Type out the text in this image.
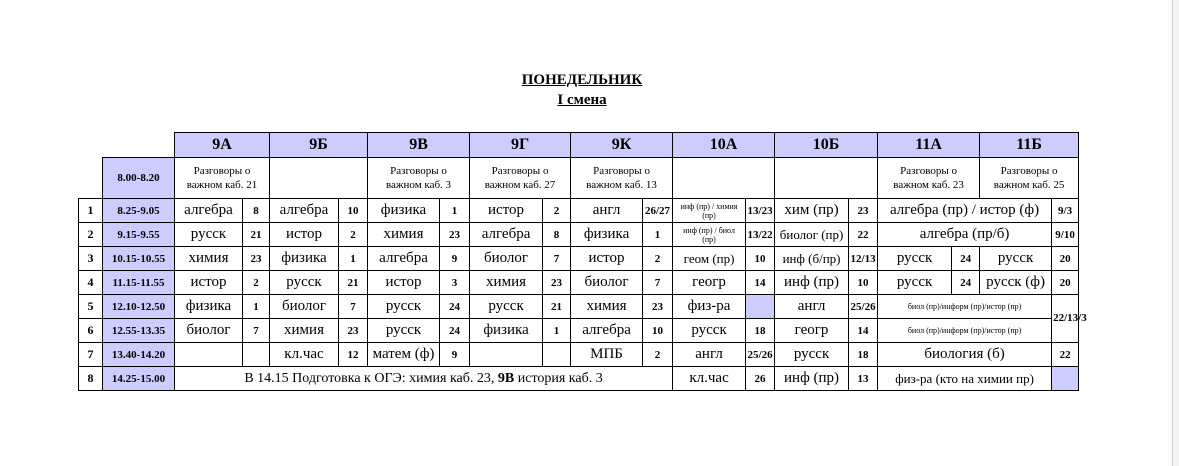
ПОНЕДЕЛЬНИК
I смена
		9А		9Б		9В		9Г		9К		10А		10Б		11А		11Б	
	8.00-8.20	Разговоры о важном каб. 21				Разговоры о важном каб. 3		Разговоры о важном каб. 27		Разговоры о важном каб. 13						Разговоры о важном каб. 23		Разговоры о важном каб. 25	
1	8.25-9.05	алгебра	8	алгебра	10	физика	1	истор	2	англ	26/27	инф (пр) / химия (пр)	13/23	хим (пр)	23	алгебра (пр) / истор (ф)			9/3
2	9.15-9.55	русск	21	истор	2	химия	23	алгебра	8	физика	1	инф (пр) / биол (пр)	13/22	биолог (пр)	22	алгебра (пр/б)			9/10
3	10.15-10.55	химия	23	физика	1	алгебра	9	биолог	7	истор	2	геом (пр)	10	инф (б/пр)	12/13	русск	24	русск	20
4	11.15-11.55	истор	2	русск	21	истор	3	химия	23	биолог	7	геогр	14	инф (пр)	10	русск	24	русск (ф)	20
5	12.10-12.50	физика	1	биолог	7	русск	24	русск	21	химия	23	физ-ра		англ	25/26	биол (пр)/информ (пр)/истор (пр)			22/13/3
6	12.55-13.35	биолог	7	химия	23	русск	24	физика	1	алгебра	10	русск	18	геогр	14	биол (пр)/информ (пр)/истор (пр)			
7	13.40-14.20			кл.час	12	матем (ф)	9			МПБ	2	англ	25/26	русск	18	биология (б)			22
8	14.25-15.00	В 14.15 Подготовка к ОГЭ: химия каб. 23, 9В история каб. 3										кл.час	26	инф (пр)	13	физ-ра (кто на химии пр)			
